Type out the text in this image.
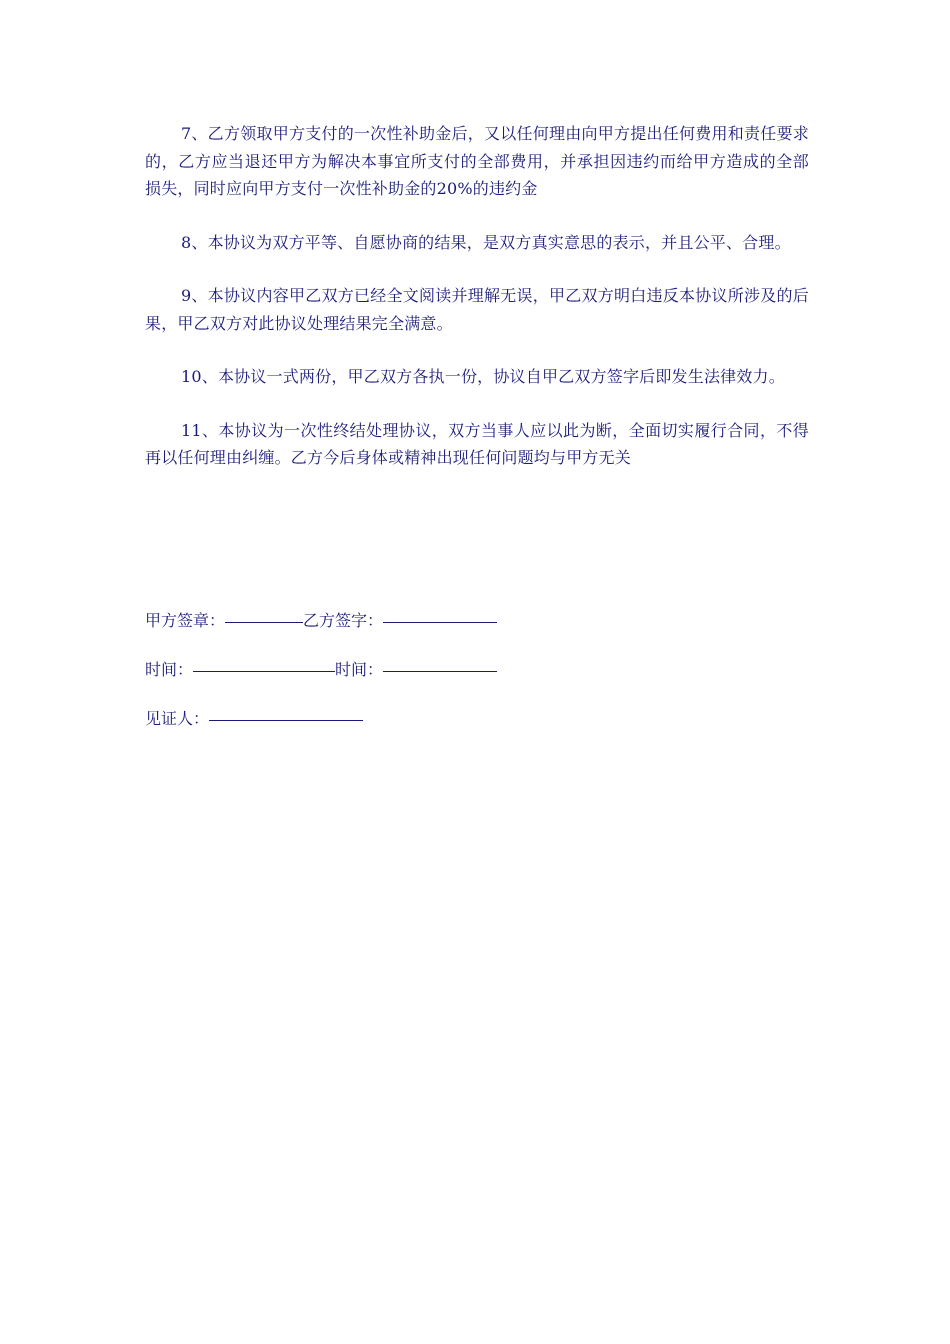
7、乙方领取甲方支付的一次性补助金后，又以任何理由向甲方提出任何费用和责任要求的，乙方应当退还甲方为解决本事宜所支付的全部费用，并承担因违约而给甲方造成的全部损失，同时应向甲方支付一次性补助金的20%的违约金

8、本协议为双方平等、自愿协商的结果，是双方真实意思的表示，并且公平、合理。

9、本协议内容甲乙双方已经全文阅读并理解无误，甲乙双方明白违反本协议所涉及的后果，甲乙双方对此协议处理结果完全满意。

10、本协议一式两份，甲乙双方各执一份，协议自甲乙双方签字后即发生法律效力。

11、本协议为一次性终结处理协议，双方当事人应以此为断，全面切实履行合同，不得再以任何理由纠缠。乙方今后身体或精神出现任何问题均与甲方无关

甲方签章：	乙方签字：
时间：	时间：
见证人：
